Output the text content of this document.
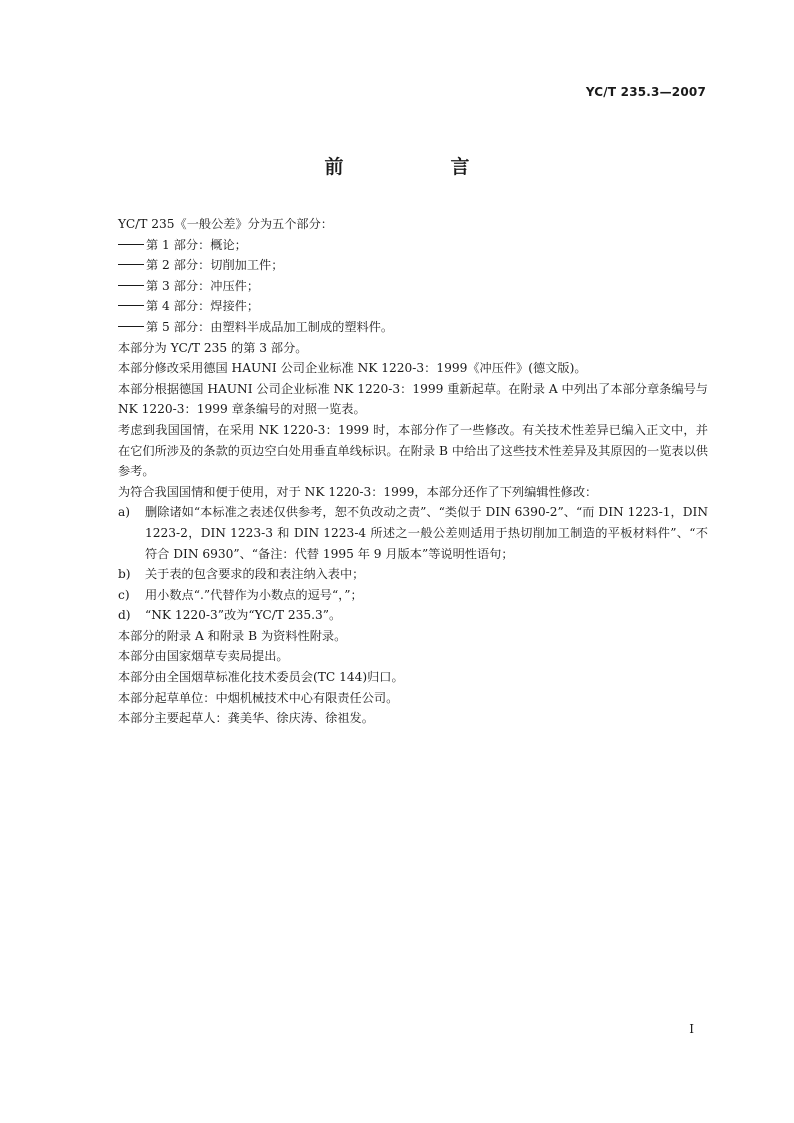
YC/T 235.3—2007
前　言

YC/T 235《一般公差》分为五个部分：

第 1 部分：概论；

第 2 部分：切削加工件；

第 3 部分：冲压件；

第 4 部分：焊接件；

第 5 部分：由塑料半成品加工制成的塑料件。

本部分为 YC/T 235 的第 3 部分。

本部分修改采用德国 HAUNI 公司企业标准 NK 1220-3：1999《冲压件》(德文版)。

本部分根据德国 HAUNI 公司企业标准 NK 1220-3：1999 重新起草。在附录 A 中列出了本部分章条编号与 NK 1220-3：1999 章条编号的对照一览表。

考虑到我国国情，在采用 NK 1220-3：1999 时，本部分作了一些修改。有关技术性差异已编入正文中，并在它们所涉及的条款的页边空白处用垂直单线标识。在附录 B 中给出了这些技术性差异及其原因的一览表以供参考。

为符合我国国情和便于使用，对于 NK 1220-3：1999，本部分还作了下列编辑性修改：

a) 删除诸如“本标准之表述仅供参考，恕不负改动之责”、“类似于 DIN 6390-2”、“而 DIN 1223-1，DIN 1223-2，DIN 1223-3 和 DIN 1223-4 所述之一般公差则适用于热切削加工制造的平板材料件”、“不符合 DIN 6930”、“备注：代替 1995 年 9 月版本”等说明性语句；
b) 关于表的包含要求的段和表注纳入表中；
c) 用小数点“.”代替作为小数点的逗号“，”；
d) “NK 1220-3”改为“YC/T 235.3”。

本部分的附录 A 和附录 B 为资料性附录。

本部分由国家烟草专卖局提出。

本部分由全国烟草标准化技术委员会(TC 144)归口。

本部分起草单位：中烟机械技术中心有限责任公司。

本部分主要起草人：龚美华、徐庆涛、徐祖发。

I
